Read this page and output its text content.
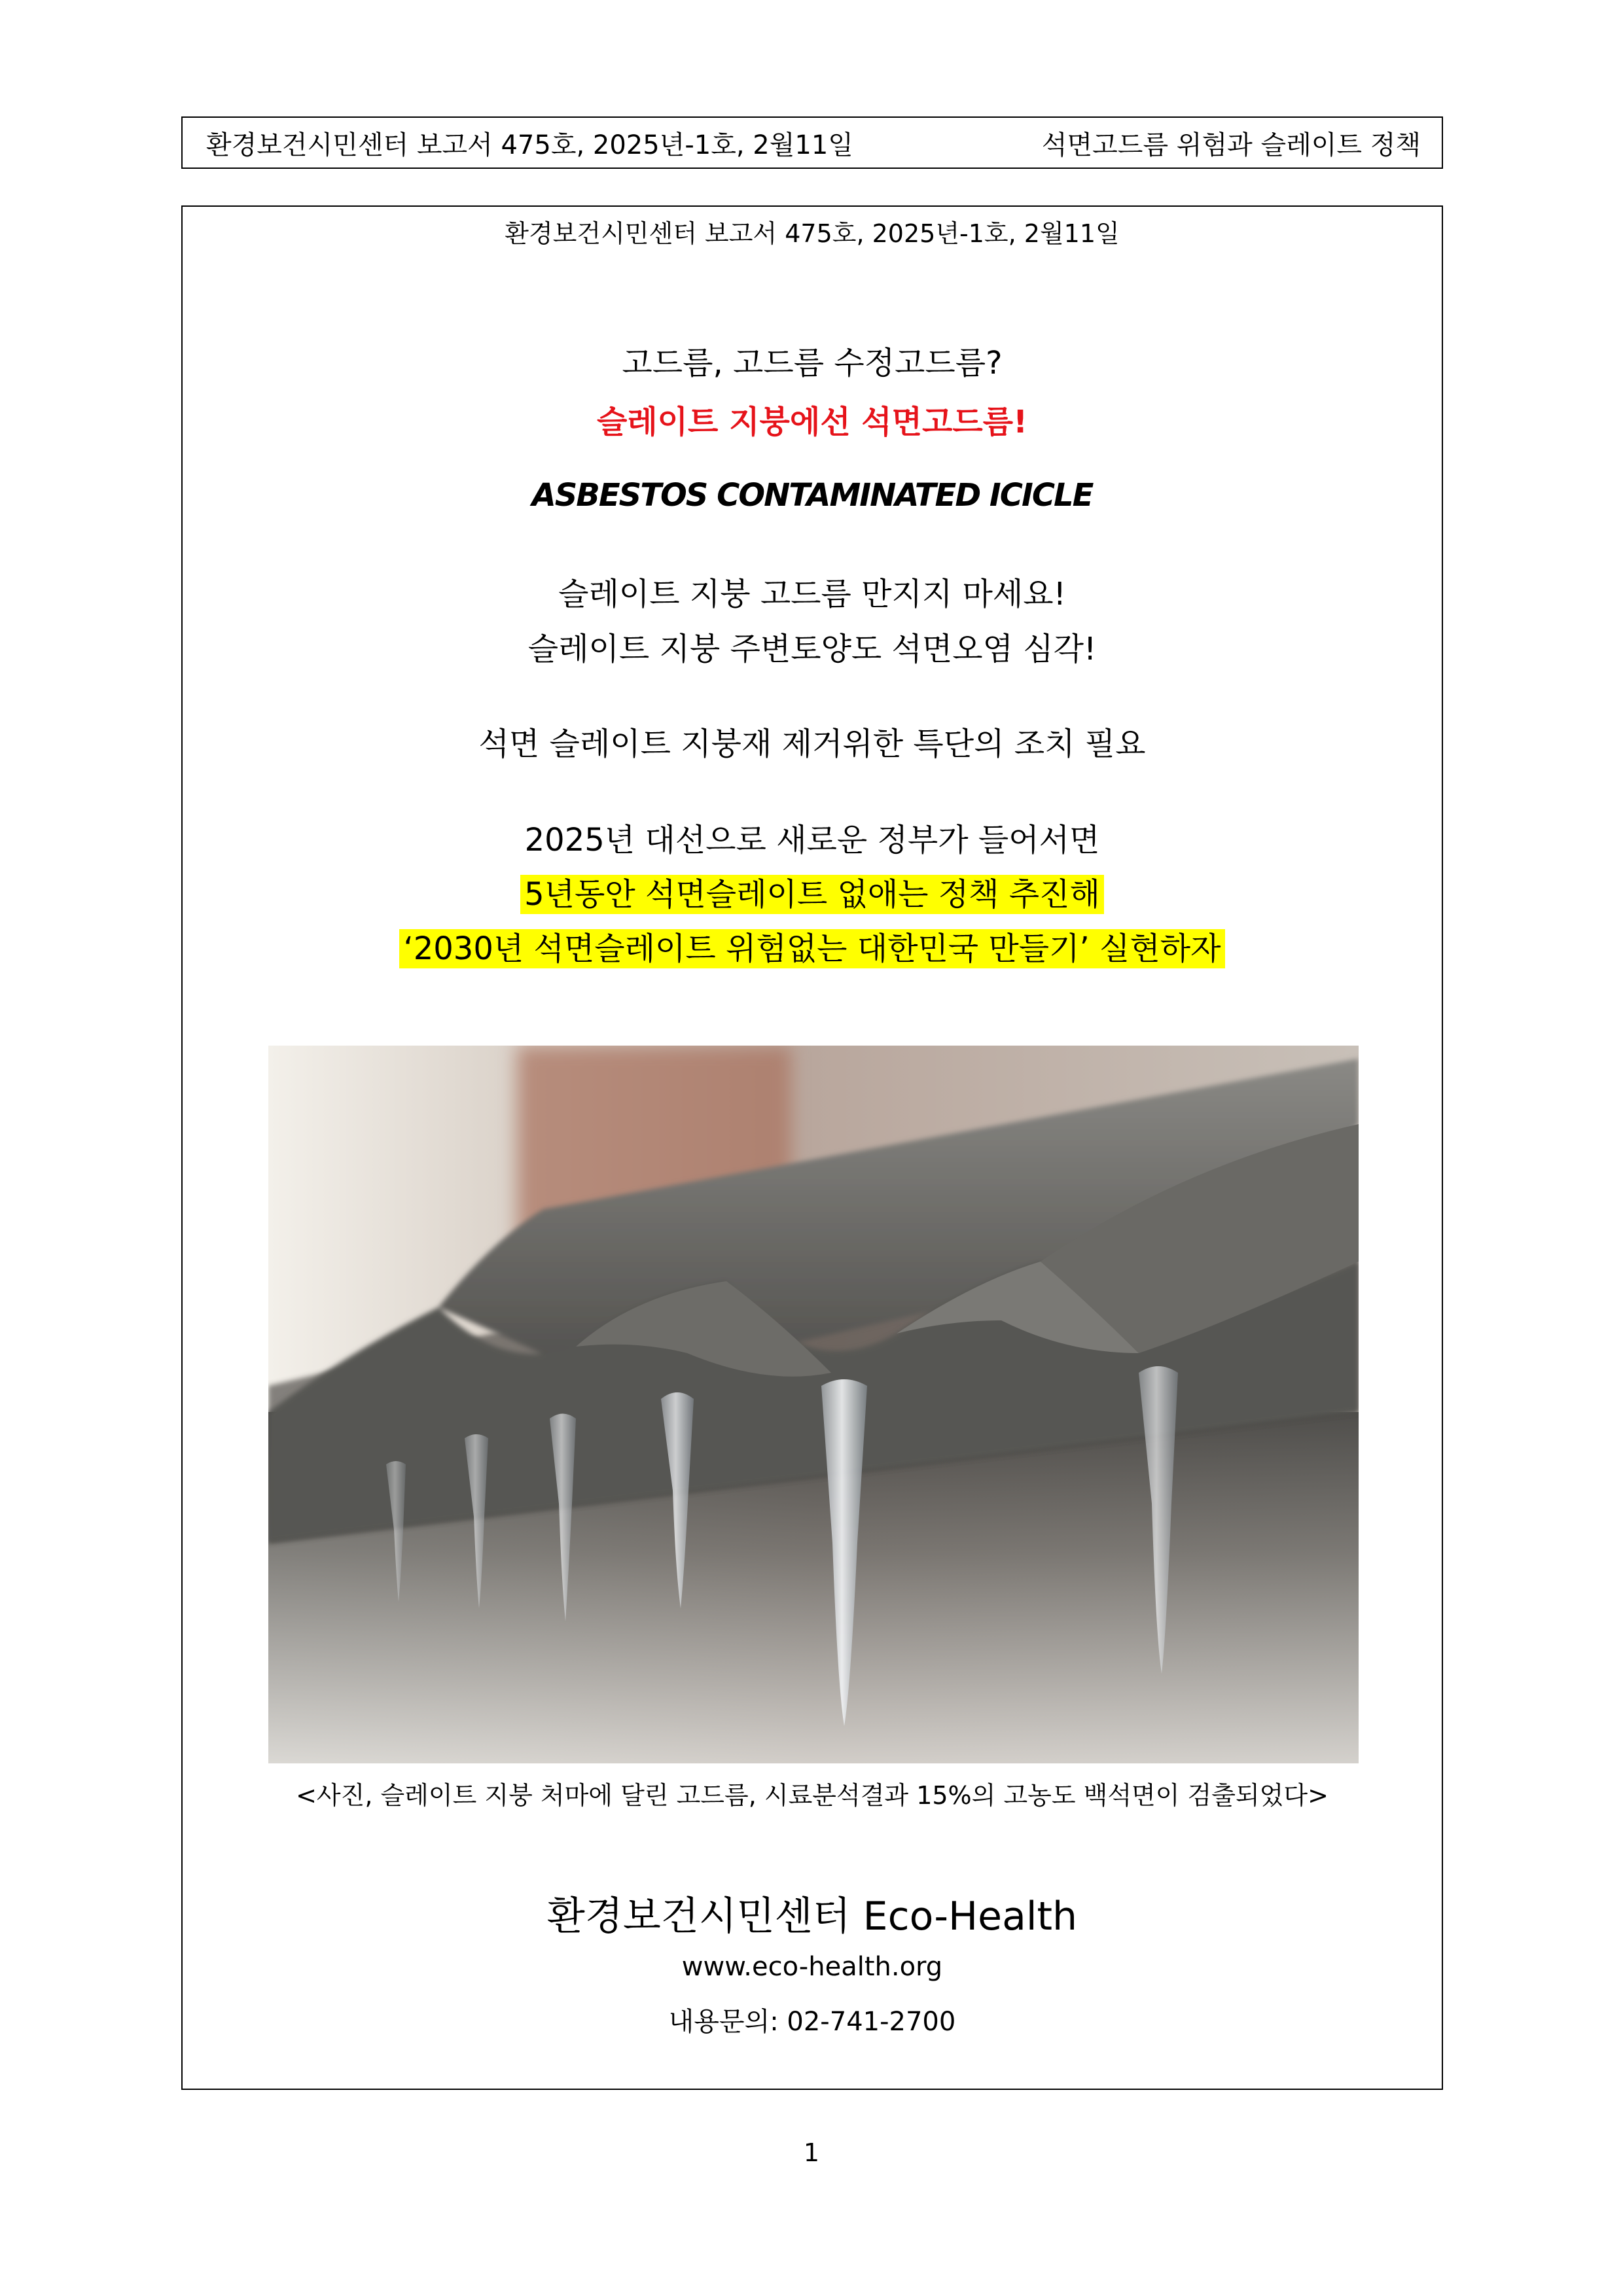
환경보건시민센터 보고서 475호, 2025년-1호, 2월11일	석면고드름 위험과 슬레이트 정책
환경보건시민센터 보고서 475호, 2025년-1호, 2월11일
고드름, 고드름 수정고드름?
슬레이트 지붕에선 석면고드름!
ASBESTOS CONTAMINATED ICICLE
슬레이트 지붕 고드름 만지지 마세요!
슬레이트 지붕 주변토양도 석면오염 심각!
석면 슬레이트 지붕재 제거위한 특단의 조치 필요
2025년 대선으로 새로운 정부가 들어서면
5년동안 석면슬레이트 없애는 정책 추진해
‘2030년 석면슬레이트 위험없는 대한민국 만들기’ 실현하자
<사진, 슬레이트 지붕 처마에 달린 고드름, 시료분석결과 15%의 고농도 백석면이 검출되었다>
환경보건시민센터 Eco-Health
www.eco-health.org
내용문의: 02-741-2700
1
